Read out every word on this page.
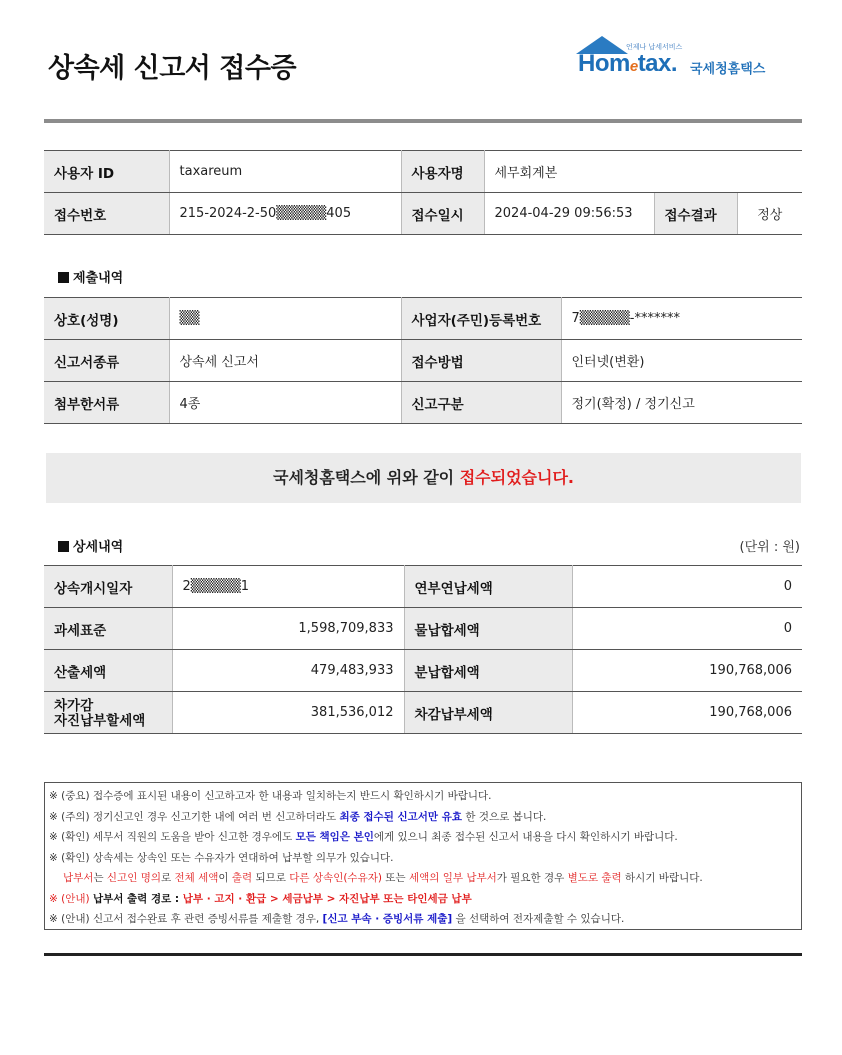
상속세 신고서 접수증
언제나 납세서비스
Hometax. 국세청홈택스
사용자 ID	taxareum	사용자명	세무회계본		
접수번호	215-2024-2-50▒▒▒▒▒405	접수일시	2024-04-29 09:56:53	접수결과	정상
제출내역
상호(성명)	▒▒	사업자(주민)등록번호	7▒▒▒▒▒-*******
신고서종류	상속세 신고서	접수방법	인터넷(변환)
첨부한서류	4종	신고구분	정기(확정) / 정기신고
국세청홈택스에 위와 같이 접수되었습니다.
상세내역	(단위 : 원)
상속개시일자	2▒▒▒▒▒1	연부연납세액	0
과세표준	1,598,709,833	물납합세액	0
산출세액	479,483,933	분납합세액	190,768,006

차가감
자진납부할세액	381,536,012	차감납부세액	190,768,006
※ (중요) 접수증에 표시된 내용이 신고하고자 한 내용과 일치하는지 반드시 확인하시기 바랍니다.
※ (주의) 정기신고인 경우 신고기한 내에 여러 번 신고하더라도 최종 접수된 신고서만 유효 한 것으로 봅니다.
※ (확인) 세무서 직원의 도움을 받아 신고한 경우에도 모든 책임은 본인에게 있으니 최종 접수된 신고서 내용을 다시 확인하시기 바랍니다.
※ (확인) 상속세는 상속인 또는 수유자가 연대하여 납부할 의무가 있습니다.
납부서는 신고인 명의로 전체 세액이 출력 되므로 다른 상속인(수유자) 또는 세액의 일부 납부서가 필요한 경우 별도로 출력 하시기 바랍니다.
※ (안내) 납부서 출력 경로 : 납부 · 고지 · 환급 > 세금납부 > 자진납부 또는 타인세금 납부
※ (안내) 신고서 접수완료 후 관련 증빙서류를 제출할 경우, [신고 부속 · 증빙서류 제출] 을 선택하여 전자제출할 수 있습니다.
